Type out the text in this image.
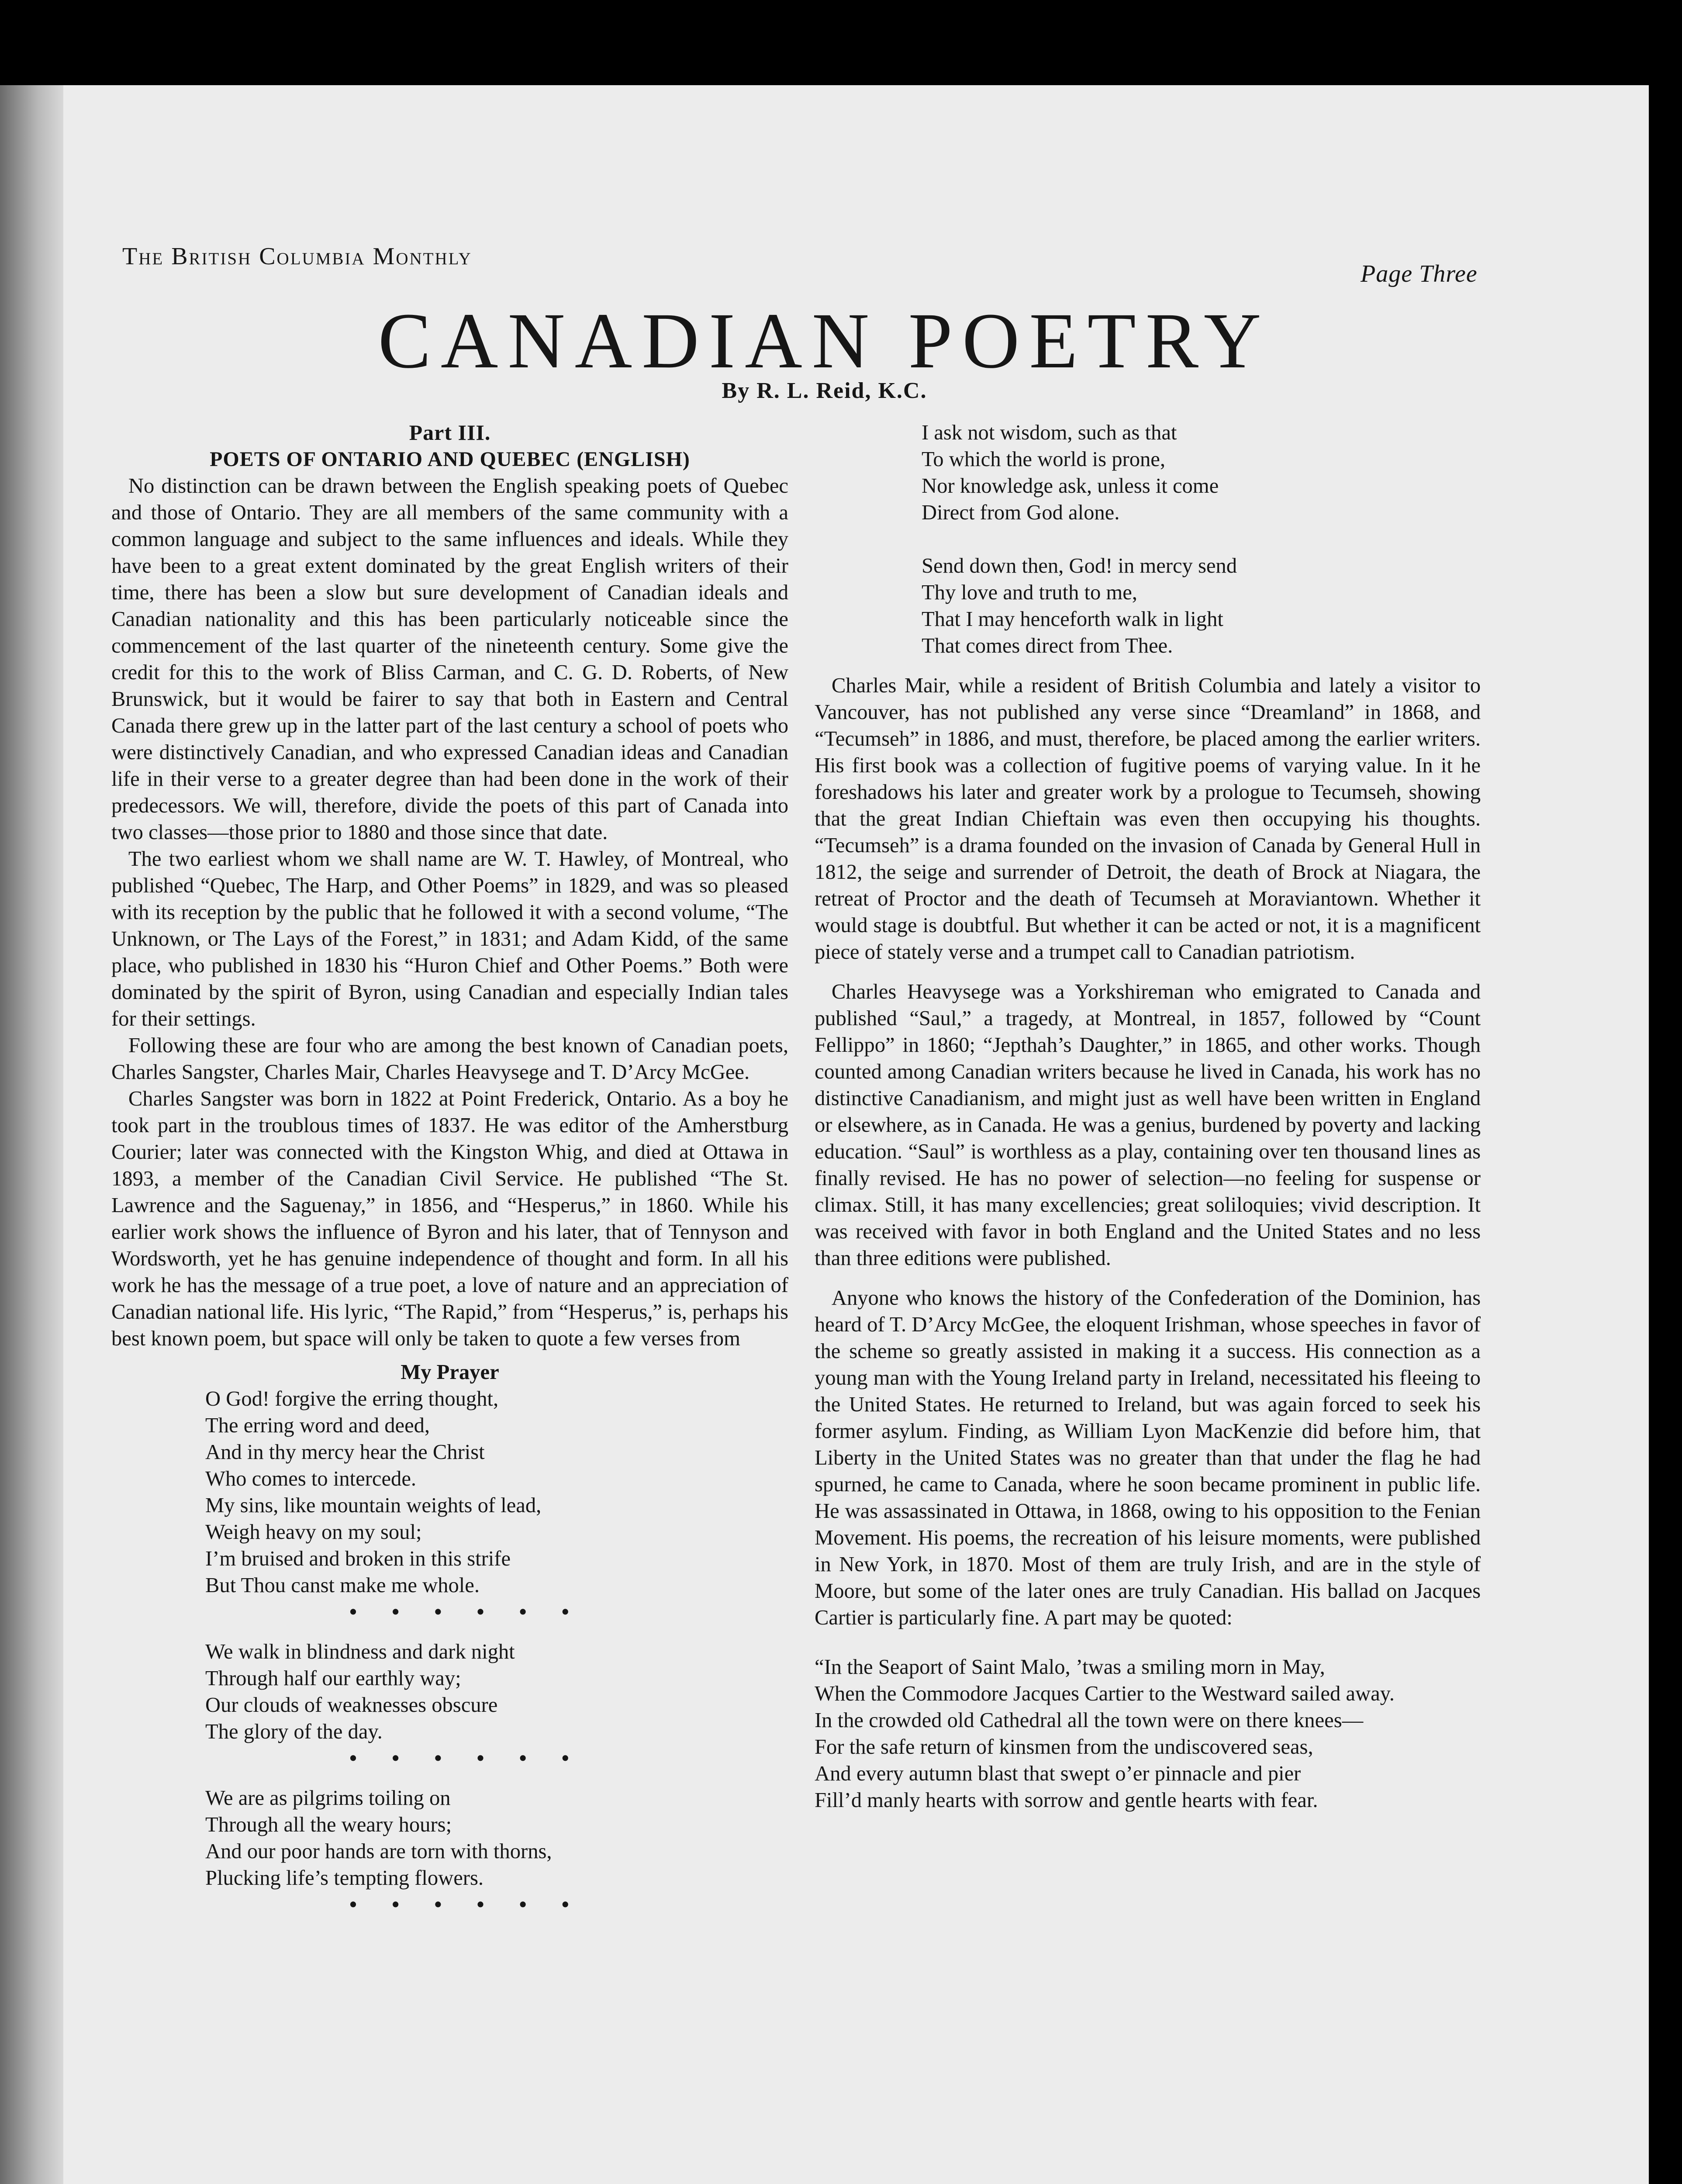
The British Columbia Monthly
Page Three
CANADIAN POETRY
By R. L. Reid, K.C.

Part III.

POETS OF ONTARIO AND QUEBEC (ENGLISH)

No distinction can be drawn between the English speaking poets of Quebec and those of Ontario. They are all members of the same community with a common language and subject to the same influences and ideals. While they have been to a great extent dominated by the great English writers of their time, there has been a slow but sure development of Canadian ideals and Canadian nationality and this has been particularly noticeable since the commencement of the last quarter of the nineteenth century. Some give the credit for this to the work of Bliss Carman, and C. G. D. Roberts, of New Brunswick, but it would be fairer to say that both in Eastern and Central Canada there grew up in the latter part of the last century a school of poets who were distinctively Canadian, and who expressed Canadian ideas and Canadian life in their verse to a greater degree than had been done in the work of their predecessors. We will, therefore, divide the poets of this part of Canada into two classes—those prior to 1880 and those since that date.

The two earliest whom we shall name are W. T. Hawley, of Montreal, who published “Quebec, The Harp, and Other Poems” in 1829, and was so pleased with its reception by the public that he followed it with a second volume, “The Unknown, or The Lays of the Forest,” in 1831; and Adam Kidd, of the same place, who published in 1830 his “Huron Chief and Other Poems.” Both were dominated by the spirit of Byron, using Canadian and especially Indian tales for their settings.

Following these are four who are among the best known of Canadian poets, Charles Sangster, Charles Mair, Charles Heavysege and T. D’Arcy McGee.

Charles Sangster was born in 1822 at Point Frederick, Ontario. As a boy he took part in the troublous times of 1837. He was editor of the Amherstburg Courier; later was connected with the Kingston Whig, and died at Ottawa in 1893, a member of the Canadian Civil Service. He published “The St. Lawrence and the Saguenay,” in 1856, and “Hesperus,” in 1860. While his earlier work shows the influence of Byron and his later, that of Tennyson and Wordsworth, yet he has genuine independence of thought and form. In all his work he has the message of a true poet, a love of nature and an appreciation of Canadian national life. His lyric, “The Rapid,” from “Hesperus,” is, perhaps his best known poem, but space will only be taken to quote a few verses from

My Prayer

O God! forgive the erring thought,
The erring word and deed,
And in thy mercy hear the Christ
Who comes to intercede.
My sins, like mountain weights of lead,
Weigh heavy on my soul;
I’m bruised and broken in this strife
But Thou canst make me whole.
• • • • • •
We walk in blindness and dark night
Through half our earthly way;
Our clouds of weaknesses obscure
The glory of the day.
• • • • • •
We are as pilgrims toiling on
Through all the weary hours;
And our poor hands are torn with thorns,
Plucking life’s tempting flowers.
• • • • • •
I ask not wisdom, such as that
To which the world is prone,
Nor knowledge ask, unless it come
Direct from God alone.
Send down then, God! in mercy send
Thy love and truth to me,
That I may henceforth walk in light
That comes direct from Thee.

Charles Mair, while a resident of British Columbia and lately a visitor to Vancouver, has not published any verse since “Dreamland” in 1868, and “Tecumseh” in 1886, and must, therefore, be placed among the earlier writers. His first book was a collection of fugitive poems of varying value. In it he foreshadows his later and greater work by a prologue to Tecumseh, showing that the great Indian Chieftain was even then occupying his thoughts. “Tecumseh” is a drama founded on the invasion of Canada by General Hull in 1812, the seige and surrender of Detroit, the death of Brock at Niagara, the retreat of Proctor and the death of Tecumseh at Moraviantown. Whether it would stage is doubtful. But whether it can be acted or not, it is a magnificent piece of stately verse and a trumpet call to Canadian patriotism.

Charles Heavysege was a Yorkshireman who emigrated to Canada and published “Saul,” a tragedy, at Montreal, in 1857, followed by “Count Fellippo” in 1860; “Jepthah’s Daughter,” in 1865, and other works. Though counted among Canadian writers because he lived in Canada, his work has no distinctive Canadianism, and might just as well have been written in England or elsewhere, as in Canada. He was a genius, burdened by poverty and lacking education. “Saul” is worthless as a play, containing over ten thousand lines as finally revised. He has no power of selection—no feeling for suspense or climax. Still, it has many excellencies; great soliloquies; vivid description. It was received with favor in both England and the United States and no less than three editions were published.

Anyone who knows the history of the Confederation of the Dominion, has heard of T. D’Arcy McGee, the eloquent Irishman, whose speeches in favor of the scheme so greatly assisted in making it a success. His connection as a young man with the Young Ireland party in Ireland, necessitated his fleeing to the United States. He returned to Ireland, but was again forced to seek his former asylum. Finding, as William Lyon MacKenzie did before him, that Liberty in the United States was no greater than that under the flag he had spurned, he came to Canada, where he soon became prominent in public life. He was assassinated in Ottawa, in 1868, owing to his opposition to the Fenian Movement. His poems, the recreation of his leisure moments, were published in New York, in 1870. Most of them are truly Irish, and are in the style of Moore, but some of the later ones are truly Canadian. His ballad on Jacques Cartier is particularly fine. A part may be quoted:

“In the Seaport of Saint Malo, ’twas a smiling morn in May,
When the Commodore Jacques Cartier to the Westward sailed away.
In the crowded old Cathedral all the town were on there knees—
For the safe return of kinsmen from the undiscovered seas,
And every autumn blast that swept o’er pinnacle and pier
Fill’d manly hearts with sorrow and gentle hearts with fear.
